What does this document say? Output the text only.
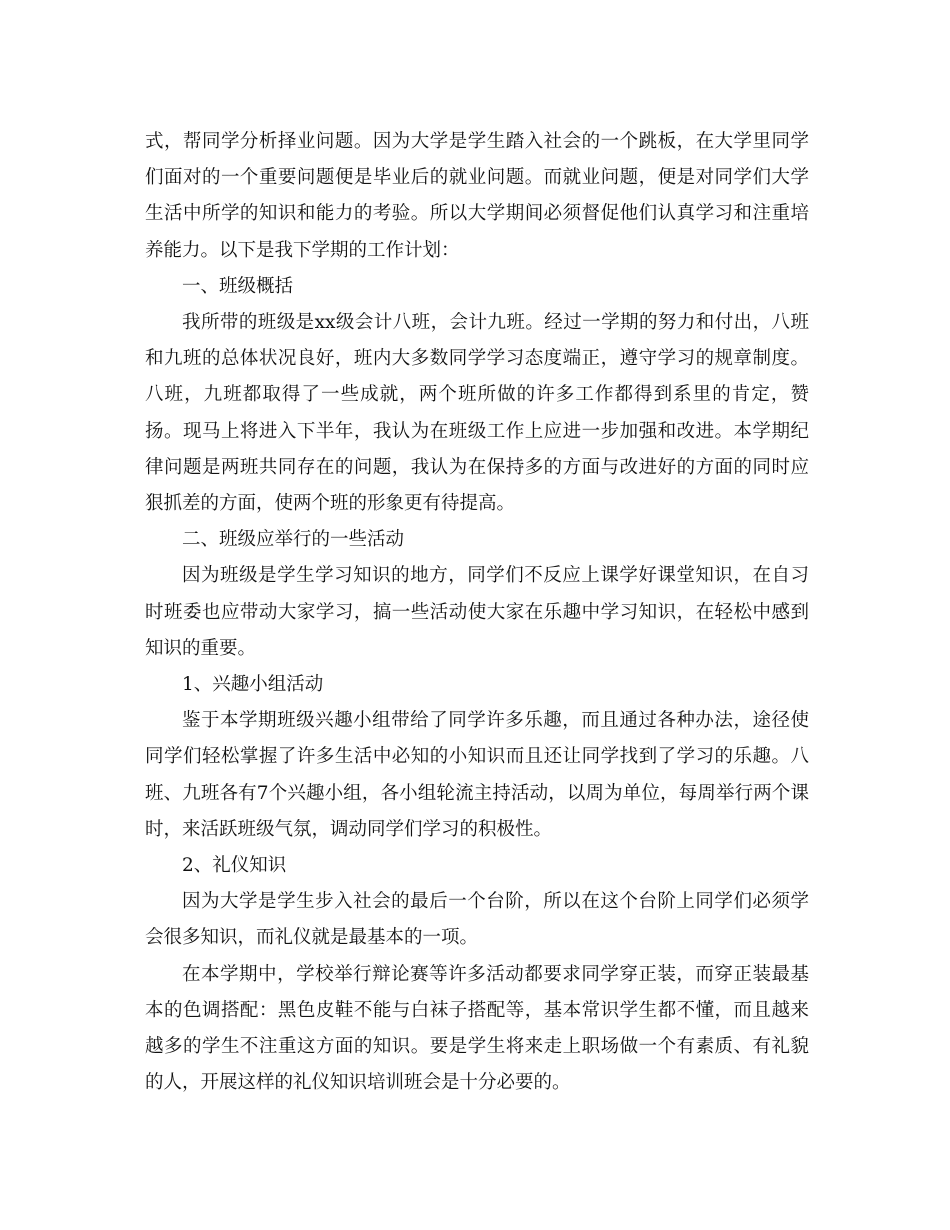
式，帮同学分析择业问题。因为大学是学生踏入社会的一个跳板，在大学里同学们面对的一个重要问题便是毕业后的就业问题。而就业问题，便是对同学们大学生活中所学的知识和能力的考验。所以大学期间必须督促他们认真学习和注重培养能力。以下是我下学期的工作计划：

一、班级概括

我所带的班级是xx级会计八班，会计九班。经过一学期的努力和付出，八班和九班的总体状况良好，班内大多数同学学习态度端正，遵守学习的规章制度。八班，九班都取得了一些成就，两个班所做的许多工作都得到系里的肯定，赞扬。现马上将进入下半年，我认为在班级工作上应进一步加强和改进。本学期纪律问题是两班共同存在的问题，我认为在保持多的方面与改进好的方面的同时应狠抓差的方面，使两个班的形象更有待提高。

二、班级应举行的一些活动

因为班级是学生学习知识的地方，同学们不反应上课学好课堂知识，在自习时班委也应带动大家学习，搞一些活动使大家在乐趣中学习知识，在轻松中感到知识的重要。

1、兴趣小组活动

鉴于本学期班级兴趣小组带给了同学许多乐趣，而且通过各种办法，途径使同学们轻松掌握了许多生活中必知的小知识而且还让同学找到了学习的乐趣。八班、九班各有7个兴趣小组，各小组轮流主持活动，以周为单位，每周举行两个课时，来活跃班级气氛，调动同学们学习的积极性。

2、礼仪知识

因为大学是学生步入社会的最后一个台阶，所以在这个台阶上同学们必须学会很多知识，而礼仪就是最基本的一项。

在本学期中，学校举行辩论赛等许多活动都要求同学穿正装，而穿正装最基本的色调搭配：黑色皮鞋不能与白袜子搭配等，基本常识学生都不懂，而且越来越多的学生不注重这方面的知识。要是学生将来走上职场做一个有素质、有礼貌的人，开展这样的礼仪知识培训班会是十分必要的。
